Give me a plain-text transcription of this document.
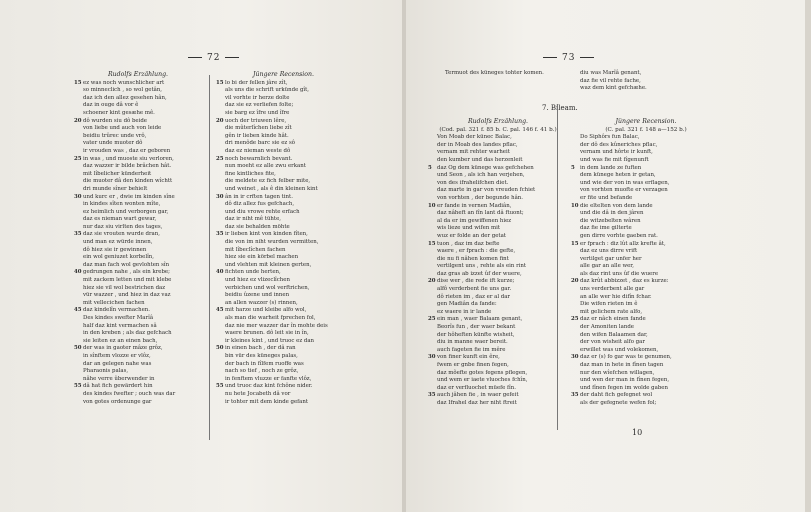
72
Rudolfs Erzählung.
15 ez was noch wunschlicher art
so minneclich , so wol getân,
daz ich den allez gesehen hân,
daz in ouge dâ vor ê
schoener kint gesæhe mê.
20 dô wurden siu dô beide
von liebe und auch von leide
beidiu trûrec unde vrô,
vater unde muoter dô
ir vrouden was , daz er geboren
25 in was , und muoste siu verloren,
daz wazzer ir bilde brâchen hât.
mit lîbelicher künderheit
die muoter dâ den kinden wîchtt
dri munde sîner behielt
30 und kurc er , dwie im kinden sîne
in kindes sîten wonten mîte,
ez heimlich und verborgen gar,
daz es nieman wart gewar,
nur daz siu virlten des tages,
35 daz sie vrouten wurde dran,
und man ez würde innen,
dô hiez sie ir gewinnen
ein wol geniuzet korbelîn,
daz man fach wol gevlohten sîn
40 gedrungen nahe , als ein krebe;
mit zackem letten und mit klebe
hiez sie vil wol bestrichen daz
vür wazzer , und hiez in daz vaz
mit vellecichen fachen
45 daz kindelîn vermachen.
Des kindes swefter Marîâ
half daz kint vermachen sâ
in den kreben ; als daz gefchach
sie leiten ez an einen bach,
50 der was in gaoter mâze grôz,
in sînftem vlozze er vlôz,
dar an gelegen nahe was
Pharaonis palas,
nâhe verre ûberwender in
55 dâ hat fich gewärdert hin
des kindes fwefter ; ouch was dar
von gotes ordenunge gar
Jüngere Recension.
15 lo bi der fellen jâre zît,
als uns die schrift urkünde gît,
vil vorhte ir herze dolte
daz sie ez verliefen folte;
sie barg ez îfre und îfre
20 uoch der triuwen lêre,
die mûterlîchen liebe zît
gên ir lieben kinde hât.
dri menôde barc sie ez sô
daz ez nieman weste dô
25 noch bewarnlich bevant.
nun moeht ez alle zwu erkant
fine kintliches fite,
die meldete ez fich felber mite,
und weinet , als ê din kleinen kint
30 ân in ir crften tagen tint.
dô diz allez fus gefchach,
und diu vrowe rehte erfach
daz ir niht mê tühte,
daz sie behalden möhte
35 ir lieben kint von kinden fîten,
die von im niht wurden vermitten,
mit lîbeclîchen fachen
hiez sie ein körbel machen
und vlehten mit kleinen gerten,
40 fichten unde herten,
und hiez ez vlizeclîchen
verbichen und wol verftrichen,
beidiu ûzene und innen
an allen wazzer (s) rinnen,
45 mit harze und kleibe alfo wol,
als man die warheit fprechen fol,
daz nie mer wazzer dar în mohte deis
waere brunen. dô leit sie in în,
ir kleines kint , und truoc ez dan
50 in einen bach , der dâ ran
bin vür des küneges palas,
der bach in fîlfem ruoffe was
nach so tief , noch ze grôz,
in fenftem vluzze er fanfte vlôz,
55 und truoc daz kint fchône nider.
nu hete Jocabeth dâ vor
ir tohter mit dem kinde gefant
73
Termuot des küneges tohter komen.
7. Bileam.
Rudolfs Erzählung.
(Cod. pal. 321 f. 85 b. C. pal. 146 f. 41 b.)
Von Moab der künec Balac,
der in Moab des landes pflac,
vernam mit rehter warheit
den kumber und das herzenleit
5 daz Og dem künege was gefchehen
und Seon , als ich han verjehen,
von des ifrahelifchen diet.
daz marte in gar von vreuden fchiet
von vorhten , der begunde hân.
10 er fande in vernen Madiân,
daz nâheft an fîn lant dâ ftuont;
al da er im gewiffenen hiez
wis lieze und wifen mit
wuz er folde an der getat
15 tuon , daz im daz befte
waere , er fprach : die gefte,
die nu fi nâhen komen fint
vertilgent uns , rehte als ein rint
daz gras ab izzet ûf der wuere,
20 dise wer , die rede ift kurze;
alfô verderbent fie uns gar.
dô rieten im , daz er al dar
gen Madiân da fande:
ez waere in ir lande
25 ein man , waer Balaam genant,
Beorîs fun , der waer bekant
der hôheften künfte wisheit,
diu in manne waer bereit.
auch fageten fie im mêre
30 von finer kunft ein êre,
fwem er gnbe finen fegen,
daz mõefte gotes fegens pflegen,
und wem er iaete vluoches fchîn,
daz er verfluochet müefe fîn.
35 auch jâhen fie , in waer gefeit
daz Ifrahel daz her niht ftreit
diu was Marîâ genant,
daz fie vil rehte fache,
waz dem kint gefchæhe.
Jüngere Recension.
(C. pal. 321 f. 148 a—152 b.)
Do Siphôrs fun Balac,
der dô des kûneriches pflac,
vernam und hôrte ir kunft,
und was fie mit fîgenunft
5 in dem lande ze fuften
dem künege heten ir getan,
und wie der von in was erflagen,
von vorhten muofte er verzagen
er fite und befande
10 die eltelten von dem lande
und die dâ in den jâren
die witzebelten wâren
daz fie ime gilterte
gen dirre vorhte gaeben rat.
15 er fprach : diz lût allz krefte ât,
daz ez uns dirre vrift
vertilget gar unfer her
alle gar an alle wer,
als daz rint uns ûf die wuere
20 daz krût abbizzet , daz es kurze:
uns verderbent alle gar
an alle wer hie difîn fchar.
Die wifen rieten im ê
mit gelichem rate alfo,
25 daz er nâch einen fande
der Amoniten lande
den wifen Balaamen dar,
der von wisheit alfo gar
erwillet was und volekomen,
30 daz er (s) fo gar was te genumen,
daz man in hete in fînen tagen
nur den wîefchen willagen,
und wen der man in fînen fegen,
und fînen fegen im wolde gaben
35 der daht fich gefegnet wol
als der gefegnete wefen fol;
10
